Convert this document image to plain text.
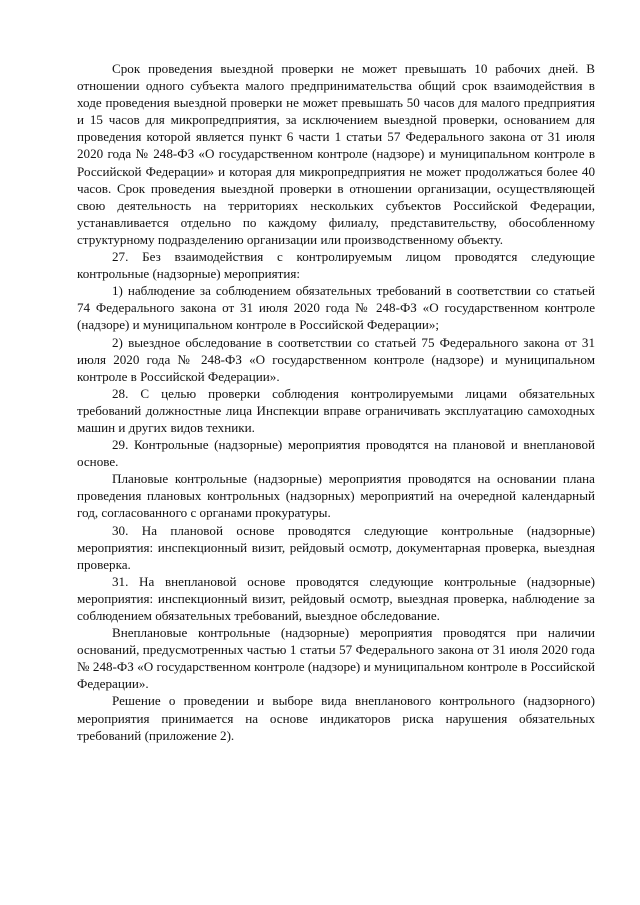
Срок проведения выездной проверки не может превышать 10 рабочих дней. В отношении одного субъекта малого предпринимательства общий срок взаимодействия в ходе проведения выездной проверки не может превышать 50 часов для малого предприятия и 15 часов для микропредприятия, за исключением выездной проверки, основанием для проведения которой является пункт 6 части 1 статьи 57 Федерального закона от 31 июля 2020 года № 248-ФЗ «О государственном контроле (надзоре) и муниципальном контроле в Российской Федерации» и которая для микропредприятия не может продолжаться более 40 часов. Срок проведения выездной проверки в отношении организации, осуществляющей свою деятельность на территориях нескольких субъектов Российской Федерации, устанавливается отдельно по каждому филиалу, представительству, обособленному структурному подразделению организации или производственному объекту.

27. Без взаимодействия с контролируемым лицом проводятся следующие контрольные (надзорные) мероприятия:

1) наблюдение за соблюдением обязательных требований в соответствии со статьей 74 Федерального закона от 31 июля 2020 года № 248-ФЗ «О государственном контроле (надзоре) и муниципальном контроле в Российской Федерации»;

2) выездное обследование в соответствии со статьей 75 Федерального закона от 31 июля 2020 года № 248-ФЗ «О государственном контроле (надзоре) и муниципальном контроле в Российской Федерации».

28. С целью проверки соблюдения контролируемыми лицами обязательных требований должностные лица Инспекции вправе ограничивать эксплуатацию самоходных машин и других видов техники.

29. Контрольные (надзорные) мероприятия проводятся на плановой и внеплановой основе.

Плановые контрольные (надзорные) мероприятия проводятся на основании плана проведения плановых контрольных (надзорных) мероприятий на очередной календарный год, согласованного с органами прокуратуры.

30. На плановой основе проводятся следующие контрольные (надзорные) мероприятия: инспекционный визит, рейдовый осмотр, документарная проверка, выездная проверка.

31. На внеплановой основе проводятся следующие контрольные (надзорные) мероприятия: инспекционный визит, рейдовый осмотр, выездная проверка, наблюдение за соблюдением обязательных требований, выездное обследование.

Внеплановые контрольные (надзорные) мероприятия проводятся при наличии оснований, предусмотренных частью 1 статьи 57 Федерального закона от 31 июля 2020 года № 248-ФЗ «О государственном контроле (надзоре) и муниципальном контроле в Российской Федерации».

Решение о проведении и выборе вида внепланового контрольного (надзорного) мероприятия принимается на основе индикаторов риска нарушения обязательных требований (приложение 2).
